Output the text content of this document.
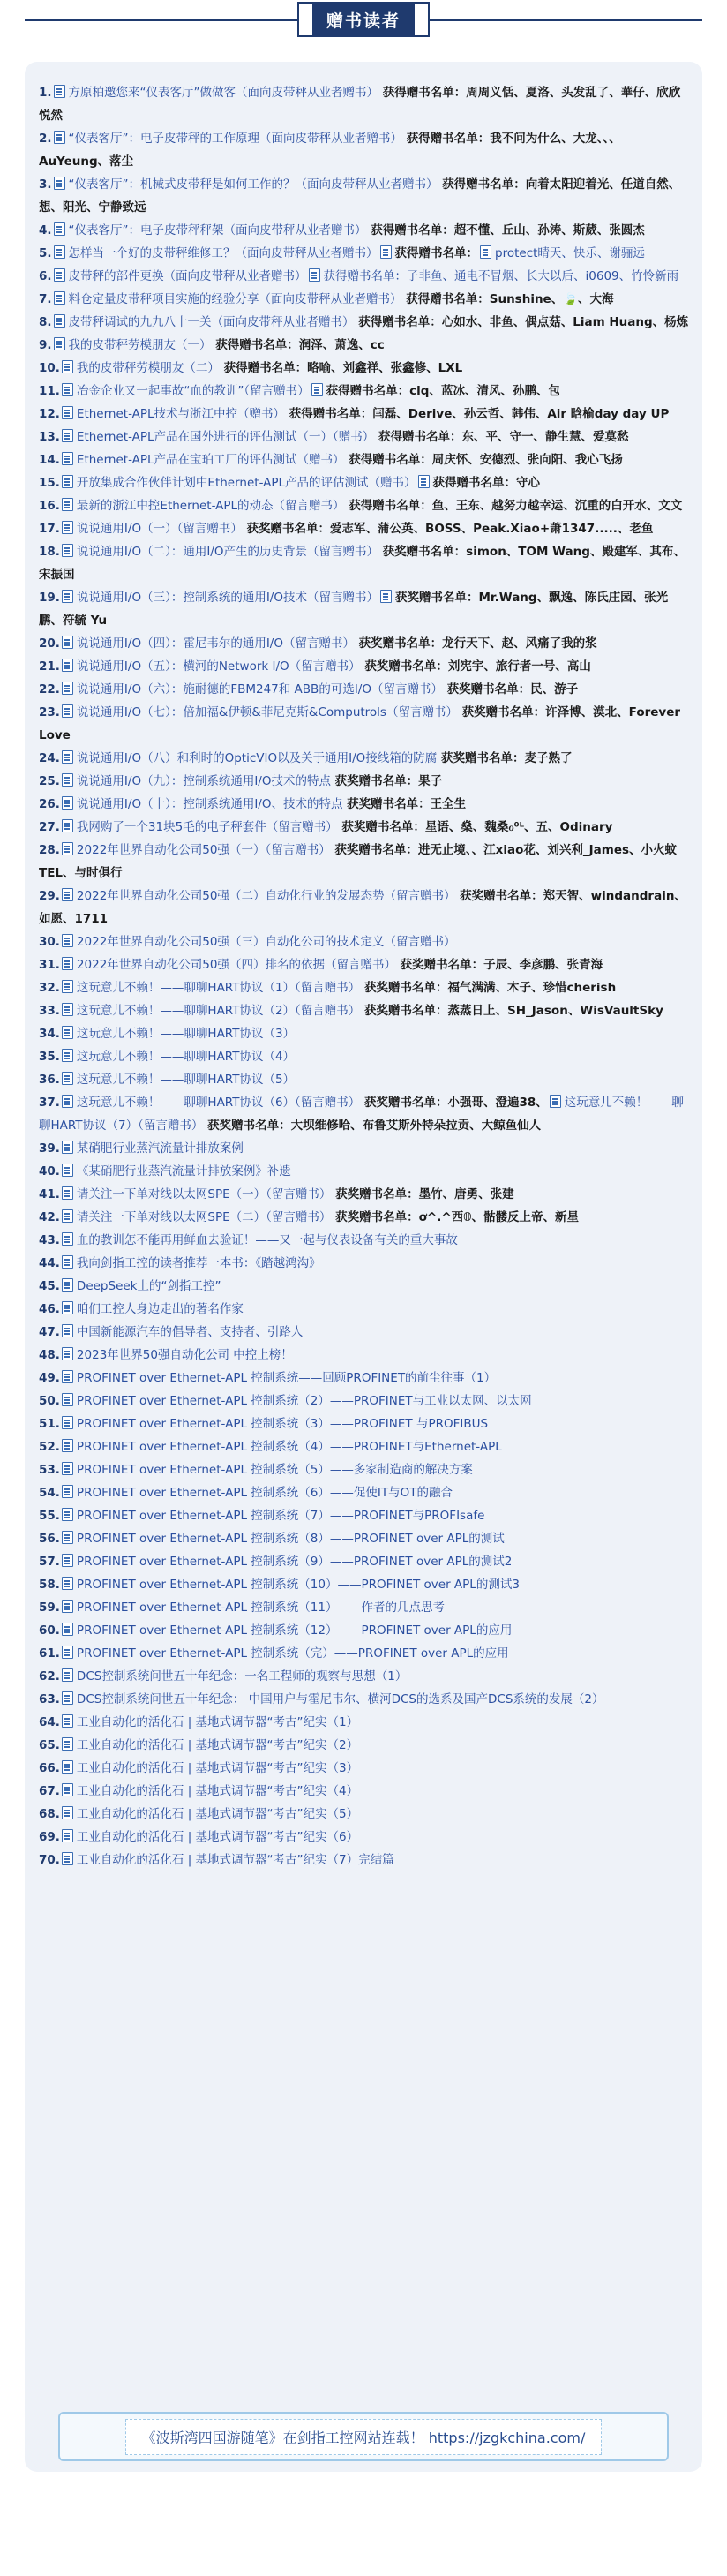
赠书读者
1. 方原柏邀您来“仪表客厅”做做客（面向皮带秤从业者赠书） 获得赠书名单：周周义恬、夏洛、头发乱了、華仔、欣欣悦然
2. “仪表客厅”：电子皮带秤的工作原理（面向皮带秤从业者赠书） 获得赠书名单：我不问为什么、大龙、、、AuYeung、落尘
3. “仪表客厅”：机械式皮带秤是如何工作的？（面向皮带秤从业者赠书） 获得赠书名单：向着太阳迎着光、任道自然、想、阳光、宁静致远
4. “仪表客厅”：电子皮带秤秤架（面向皮带秤从业者赠书） 获得赠书名单：超不懂、丘山、孙涛、斯葳、张圆杰
5. 怎样当一个好的皮带秤维修工？（面向皮带秤从业者赠书） 获得赠书名单： protect晴天、快乐、谢骊远
6. 皮带秤的部件更换（面向皮带秤从业者赠书） 获得赠书名单：子非鱼、通电不冒烟、长大以后、i0609、竹怜新雨
7. 料仓定量皮带秤项目实施的经验分享（面向皮带秤从业者赠书） 获得赠书名单：Sunshine、🍃、大海
8. 皮带秤调试的九九八十一关（面向皮带秤从业者赠书） 获得赠书名单：心如水、非鱼、偶点菇、Liam Huang、杨炼
9. 我的皮带秤劳模朋友（一） 获得赠书名单：润泽、萧逸、cc
10. 我的皮带秤劳模朋友（二） 获得赠书名单：略喻、刘鑫祥、张鑫修、LXL
11. 冶金企业又一起事故“血的教训”（留言赠书） 获得赠书名单：clq、蓝冰、清风、孙鹏、包
12. Ethernet-APL技术与浙江中控（赠书） 获得赠书名单：闫磊、Derive、孙云哲、韩伟、Air 晗榆day day UP
13. Ethernet-APL产品在国外进行的评估测试（一）（赠书） 获得赠书名单：东、平、守一、静生慧、爱莫愁
14. Ethernet-APL产品在宝珀工厂的评估测试（赠书） 获得赠书名单：周庆怀、安德烈、张向阳、我心飞扬
15. 开放集成合作伙伴计划中Ethernet-APL产品的评估测试（赠书） 获得赠书名单：守心
16. 最新的浙江中控Ethernet-APL的动态（留言赠书） 获得赠书名单：鱼、王东、越努力越幸运、沉重的白开水、文文
17. 说说通用I/O（一）（留言赠书） 获奖赠书名单：爱志军、蒲公英、BOSS、Peak.Xiao+萧1347.....、老鱼
18. 说说通用I/O（二）：通用I/O产生的历史背景（留言赠书） 获奖赠书名单：simon、TOM Wang、殿建军、其布、宋振国
19. 说说通用I/O（三）：控制系统的通用I/O技术（留言赠书） 获奖赠书名单：Mr.Wang、飘逸、陈氏庄园、张光鹏、符毓 Yu
20. 说说通用I/O（四）：霍尼韦尔的通用I/O（留言赠书） 获奖赠书名单：龙行天下、赵、风痛了我的浆
21. 说说通用I/O（五）：横河的Network I/O（留言赠书） 获奖赠书名单：刘宪宇、旅行者一号、高山
22. 说说通用I/O（六）：施耐德的FBM247和 ABB的可选I/O（留言赠书） 获奖赠书名单：民、游子
23. 说说通用I/O（七）：倍加福&伊顿&菲尼克斯&Computrols（留言赠书） 获奖赠书名单：许泽博、漠北、Forever Love
24. 说说通用I/O（八）和利时的OpticVIO以及关于通用I/O接线箱的防腐 获奖赠书名单：麦子熟了
25. 说说通用I/O（九）：控制系统通用I/O技术的特点 获奖赠书名单：果子
26. 说说通用I/O（十）：控制系统通用I/O、技术的特点 获奖赠书名单：王全生
27. 我网购了一个31块5毛的电子秤套件（留言赠书） 获奖赠书名单：星语、燊、魏桑ℴ⁰ᴸ、五、Odinary
28. 2022年世界自动化公司50强（一）（留言赠书） 获奖赠书名单：进无止境、、江xiao花、刘兴利_James、小火蚊TEL、与时俱行
29. 2022年世界自动化公司50强（二）自动化行业的发展态势（留言赠书） 获奖赠书名单：郑天智、windandrain、如愿、1711
30. 2022年世界自动化公司50强（三）自动化公司的技术定义（留言赠书）
31. 2022年世界自动化公司50强（四）排名的依据（留言赠书） 获奖赠书名单：子辰、李彦鹏、张青海
32. 这玩意儿不赖！——聊聊HART协议（1）（留言赠书） 获奖赠书名单：福气满满、木子、珍惜cherish
33. 这玩意儿不赖！——聊聊HART协议（2）（留言赠书） 获奖赠书名单：蒸蒸日上、SH_Jason、WisVaultSky
34. 这玩意儿不赖！——聊聊HART协议（3）
35. 这玩意儿不赖！——聊聊HART协议（4）
36. 这玩意儿不赖！——聊聊HART协议（5）
37. 这玩意儿不赖！——聊聊HART协议（6）（留言赠书） 获奖赠书名单：小强哥、澄遍38、 这玩意儿不赖！——聊聊HART协议（7）（留言赠书） 获奖赠书名单：大坝维修哈、布鲁艾斯外特朵拉贡、大鲸鱼仙人
39. 某硝肥行业蒸汽流量计排放案例
40. 《某硝肥行业蒸汽流量计排放案例》补遗
41. 请关注一下单对线以太网SPE（一）（留言赠书） 获奖赠书名单：墨竹、唐勇、张建
42. 请关注一下单对线以太网SPE（二）（留言赠书） 获奖赠书名单：ơ^.^西𝟘、骷髅反上帝、新星
43. 血的教训怎不能再用鲜血去验证！——又一起与仪表设备有关的重大事故
44. 我向剑指工控的读者推荐一本书：《踏越鸿沟》
45. DeepSeek上的“剑指工控”
46. 咱们工控人身边走出的著名作家
47. 中国新能源汽车的倡导者、支持者、引路人
48. 2023年世界50强自动化公司 中控上榜！
49. PROFINET over Ethernet-APL 控制系统——回顾PROFINET的前尘往事（1）
50. PROFINET over Ethernet-APL 控制系统（2）——PROFINET与工业以太网、以太网
51. PROFINET over Ethernet-APL 控制系统（3）——PROFINET 与PROFIBUS
52. PROFINET over Ethernet-APL 控制系统（4）——PROFINET与Ethernet-APL
53. PROFINET over Ethernet-APL 控制系统（5）——多家制造商的解决方案
54. PROFINET over Ethernet-APL 控制系统（6）——促使IT与OT的融合
55. PROFINET over Ethernet-APL 控制系统（7）——PROFINET与PROFIsafe
56. PROFINET over Ethernet-APL 控制系统（8）——PROFINET over APL的测试
57. PROFINET over Ethernet-APL 控制系统（9）——PROFINET over APL的测试2
58. PROFINET over Ethernet-APL 控制系统（10）——PROFINET over APL的测试3
59. PROFINET over Ethernet-APL 控制系统（11）——作者的几点思考
60. PROFINET over Ethernet-APL 控制系统（12）——PROFINET over APL的应用
61. PROFINET over Ethernet-APL 控制系统（完）——PROFINET over APL的应用
62. DCS控制系统问世五十年纪念：一名工程师的观察与思想（1）
63. DCS控制系统问世五十年纪念： 中国用户与霍尼韦尔、横河DCS的选系及国产DCS系统的发展（2）
64. 工业自动化的活化石 | 基地式调节器“考古”纪实（1）
65. 工业自动化的活化石 | 基地式调节器“考古”纪实（2）
66. 工业自动化的活化石 | 基地式调节器“考古”纪实（3）
67. 工业自动化的活化石 | 基地式调节器“考古”纪实（4）
68. 工业自动化的活化石 | 基地式调节器“考古”纪实（5）
69. 工业自动化的活化石 | 基地式调节器“考古”纪实（6）
70. 工业自动化的活化石 | 基地式调节器“考古”纪实（7）完结篇
《波斯湾四国游随笔》在剑指工控网站连载！ https://jzgkchina.com/
